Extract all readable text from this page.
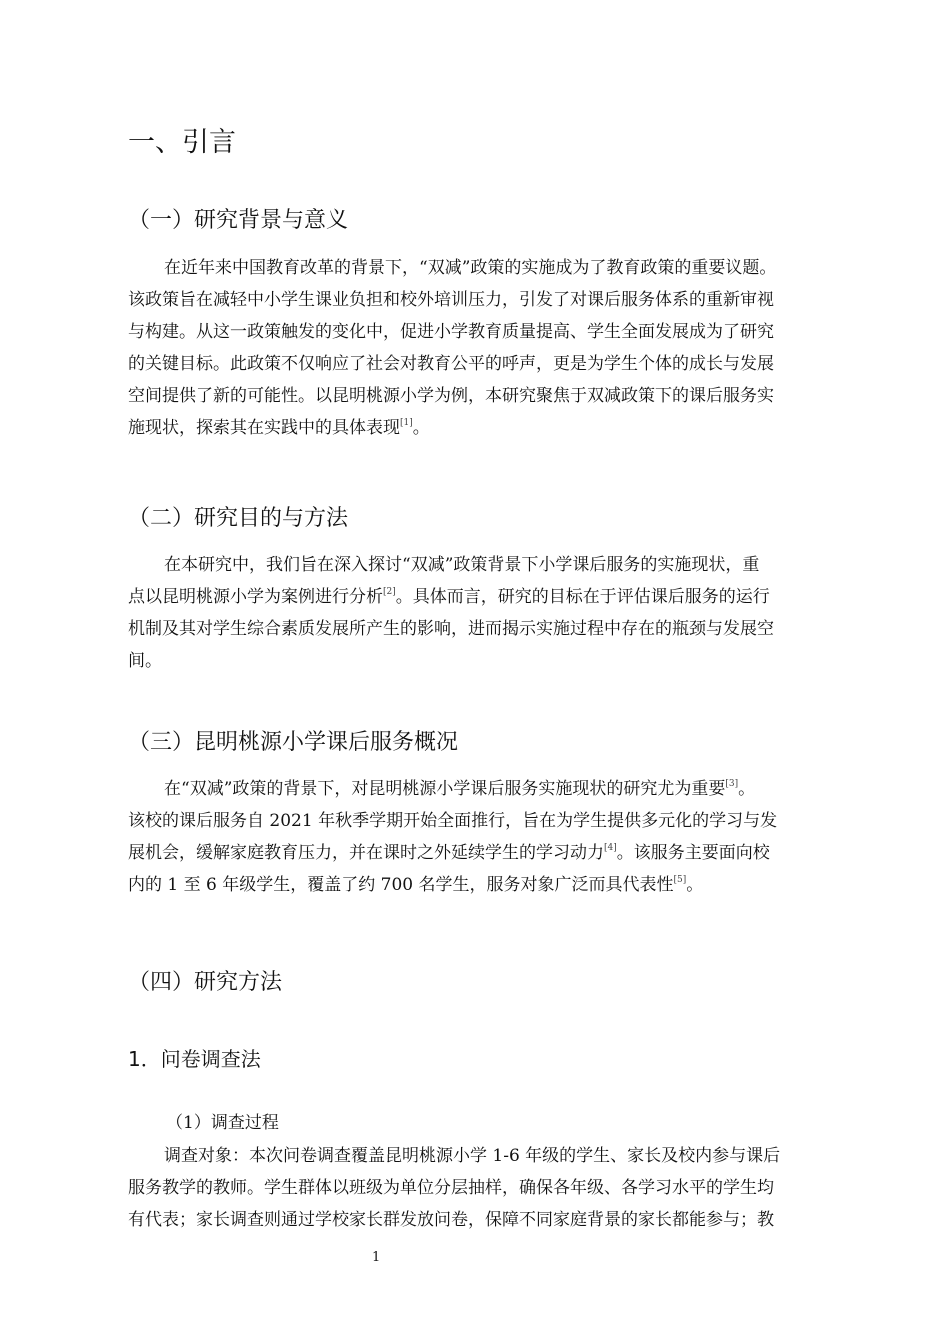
一、引言
（一）研究背景与意义
在近年来中国教育改革的背景下，“双减”政策的实施成为了教育政策的重要议题。
该政策旨在减轻中小学生课业负担和校外培训压力，引发了对课后服务体系的重新审视
与构建。从这一政策触发的变化中，促进小学教育质量提高、学生全面发展成为了研究
的关键目标。此政策不仅响应了社会对教育公平的呼声，更是为学生个体的成长与发展
空间提供了新的可能性。以昆明桃源小学为例，本研究聚焦于双减政策下的课后服务实
施现状，探索其在实践中的具体表现[1]。
（二）研究目的与方法
在本研究中，我们旨在深入探讨“双减”政策背景下小学课后服务的实施现状，重
点以昆明桃源小学为案例进行分析[2]。具体而言，研究的目标在于评估课后服务的运行
机制及其对学生综合素质发展所产生的影响，进而揭示实施过程中存在的瓶颈与发展空
间。
（三）昆明桃源小学课后服务概况
在“双减”政策的背景下，对昆明桃源小学课后服务实施现状的研究尤为重要[3]。
该校的课后服务自 2021 年秋季学期开始全面推行，旨在为学生提供多元化的学习与发
展机会，缓解家庭教育压力，并在课时之外延续学生的学习动力[4]。该服务主要面向校
内的 1 至 6 年级学生，覆盖了约 700 名学生，服务对象广泛而具代表性[5]。
（四）研究方法
1．问卷调查法
（1）调查过程
调查对象：本次问卷调查覆盖昆明桃源小学 1-6 年级的学生、家长及校内参与课后
服务教学的教师。学生群体以班级为单位分层抽样，确保各年级、各学习水平的学生均
有代表；家长调查则通过学校家长群发放问卷，保障不同家庭背景的家长都能参与；教
1
